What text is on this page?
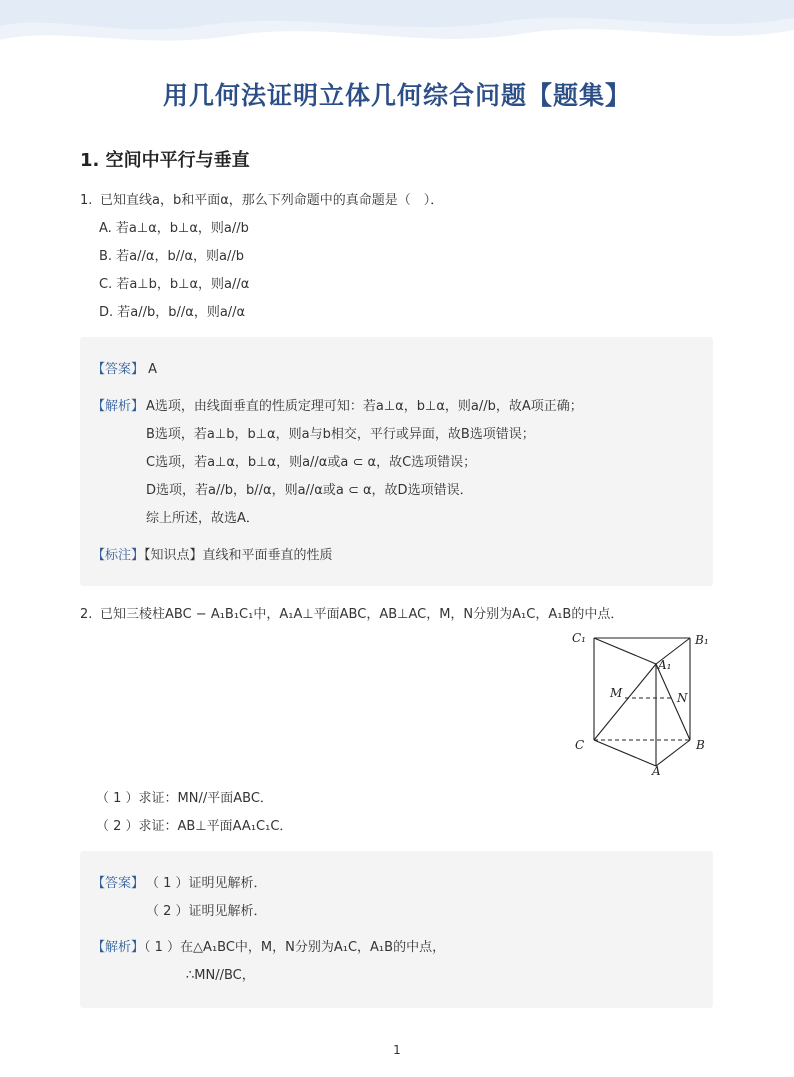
用几何法证明立体几何综合问题【题集】
1. 空间中平行与垂直
1. 已知直线a，b和平面α，那么下列命题中的真命题是（　）．
A. 若a⊥α，b⊥α，则a//b
B. 若a//α，b//α，则a//b
C. 若a⊥b，b⊥α，则a//α
D. 若a//b，b//α，则a//α
【答案】 A
【解析】 A选项，由线面垂直的性质定理可知：若a⊥α，b⊥α，则a//b，故A项正确；
B选项，若a⊥b，b⊥α，则a与b相交，平行或异面，故B选项错误；
C选项，若a⊥α，b⊥α，则a//α或a ⊂ α，故C选项错误；
D选项，若a//b，b//α，则a//α或a ⊂ α，故D选项错误．
综上所述，故选A．
【标注】【知识点】直线和平面垂直的性质
2. 已知三棱柱ABC − A₁B₁C₁中，A₁A⊥平面ABC，AB⊥AC，M，N分别为A₁C，A₁B的中点．
C₁	B₁
A₁
M	N
C	B
A
（ 1 ）求证：MN//平面ABC．
（ 2 ）求证：AB⊥平面AA₁C₁C．
【答案】 （ 1 ）证明见解析．
（ 2 ）证明见解析．
【解析】（ 1 ）在△A₁BC中，M，N分别为A₁C，A₁B的中点，
∴MN//BC，
1
